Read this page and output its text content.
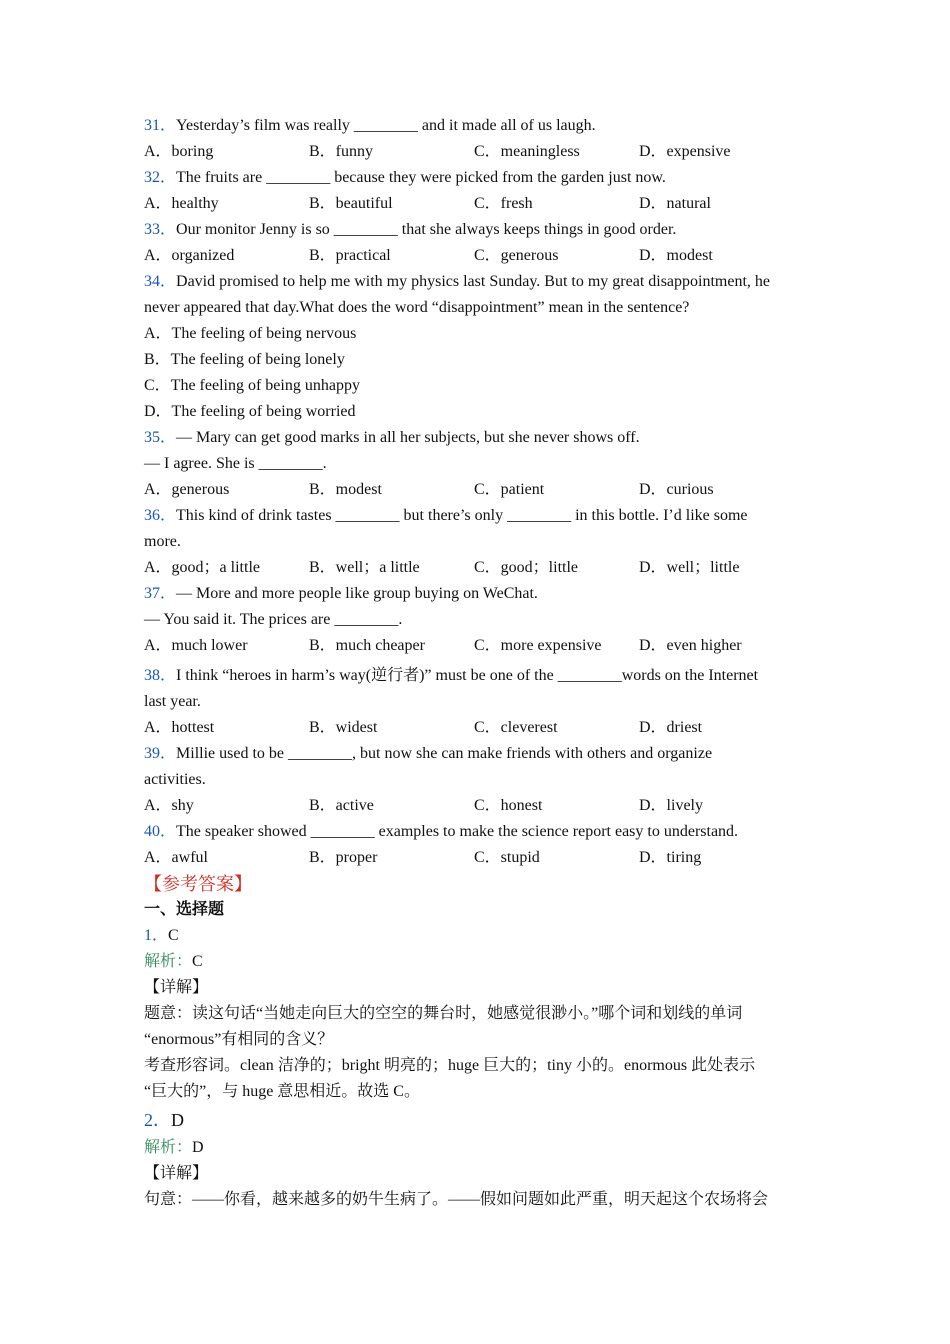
31．Yesterday’s film was really ________ and it made all of us laugh.
A．boring	B．funny	C．meaningless	D．expensive
32．The fruits are ________ because they were picked from the garden just now.
A．healthy	B．beautiful	C．fresh	D．natural
33．Our monitor Jenny is so ________ that she always keeps things in good order.
A．organized	B．practical	C．generous	D．modest
34．David promised to help me with my physics last Sunday. But to my great disappointment, he
never appeared that day.What does the word “disappointment” mean in the sentence?
A．The feeling of being nervous
B．The feeling of being lonely
C．The feeling of being unhappy
D．The feeling of being worried
35．— Mary can get good marks in all her subjects, but she never shows off.
— I agree. She is ________.
A．generous	B．modest	C．patient	D．curious
36．This kind of drink tastes ________ but there’s only ________ in this bottle. I’d like some
more.
A．good；a little	B．well；a little	C．good；little	D．well；little
37．— More and more people like group buying on WeChat.
— You said it. The prices are ________.
A．much lower	B．much cheaper	C．more expensive	D．even higher
38．I think “heroes in harm’s way(逆行者)” must be one of the ________words on the Internet
last year.
A．hottest	B．widest	C．cleverest	D．driest
39．Millie used to be ________, but now she can make friends with others and organize
activities.
A．shy	B．active	C．honest	D．lively
40．The speaker showed ________ examples to make the science report easy to understand.
A．awful	B．proper	C．stupid	D．tiring
【参考答案】
一、选择题
1．C
解析：C
【详解】
题意：读这句话“当她走向巨大的空空的舞台时，她感觉很渺小。”哪个词和划线的单词
“enormous”有相同的含义？
考查形容词。clean 洁净的；bright 明亮的；huge 巨大的；tiny 小的。enormous 此处表示
“巨大的”，与 huge 意思相近。故选 C。
2．D
解析：D
【详解】
句意：——你看，越来越多的奶牛生病了。——假如问题如此严重，明天起这个农场将会
